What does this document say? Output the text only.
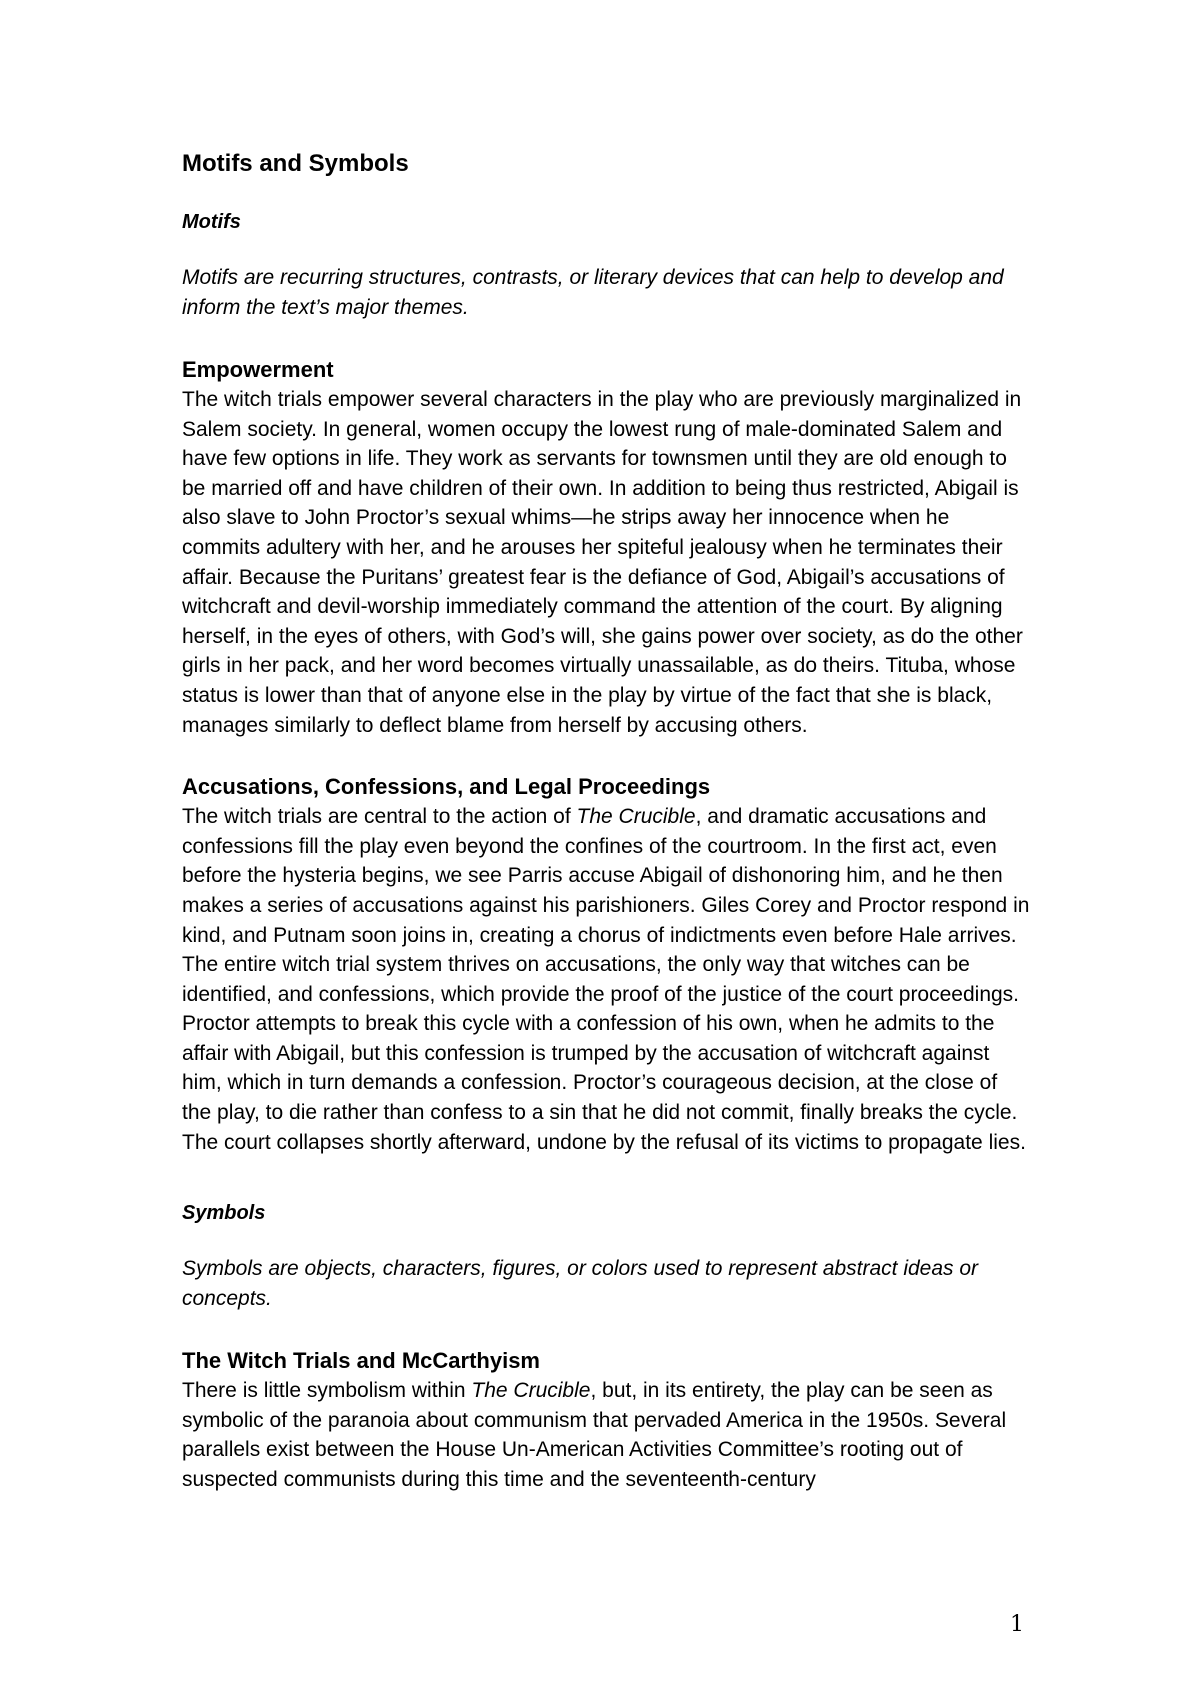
Motifs and Symbols
Motifs
Motifs are recurring structures, contrasts, or literary devices that can help to develop and inform the text’s major themes.
Empowerment

The witch trials empower several characters in the play who are previously marginalized in Salem society. In general, women occupy the lowest rung of male-dominated Salem and have few options in life. They work as servants for townsmen until they are old enough to be married off and have children of their own. In addition to being thus restricted, Abigail is also slave to John Proctor’s sexual whims—he strips away her innocence when he commits adultery with her, and he arouses her spiteful jealousy when he terminates their affair. Because the Puritans’ greatest fear is the defiance of God, Abigail’s accusations of witchcraft and devil-worship immediately command the attention of the court. By aligning herself, in the eyes of others, with God’s will, she gains power over society, as do the other girls in her pack, and her word becomes virtually unassailable, as do theirs. Tituba, whose status is lower than that of anyone else in the play by virtue of the fact that she is black, manages similarly to deflect blame from herself by accusing others.

Accusations, Confessions, and Legal Proceedings

The witch trials are central to the action of The Crucible, and dramatic accusations and confessions fill the play even beyond the confines of the courtroom. In the first act, even before the hysteria begins, we see Parris accuse Abigail of dishonoring him, and he then makes a series of accusations against his parishioners. Giles Corey and Proctor respond in kind, and Putnam soon joins in, creating a chorus of indictments even before Hale arrives. The entire witch trial system thrives on accusations, the only way that witches can be identified, and confessions, which provide the proof of the justice of the court proceedings. Proctor attempts to break this cycle with a confession of his own, when he admits to the affair with Abigail, but this confession is trumped by the accusation of witchcraft against him, which in turn demands a confession. Proctor’s courageous decision, at the close of the play, to die rather than confess to a sin that he did not commit, finally breaks the cycle. The court collapses shortly afterward, undone by the refusal of its victims to propagate lies.

Symbols
Symbols are objects, characters, figures, or colors used to represent abstract ideas or concepts.
The Witch Trials and McCarthyism

There is little symbolism within The Crucible, but, in its entirety, the play can be seen as symbolic of the paranoia about communism that pervaded America in the 1950s. Several parallels exist between the House Un-American Activities Committee’s rooting out of suspected communists during this time and the seventeenth-century

1
